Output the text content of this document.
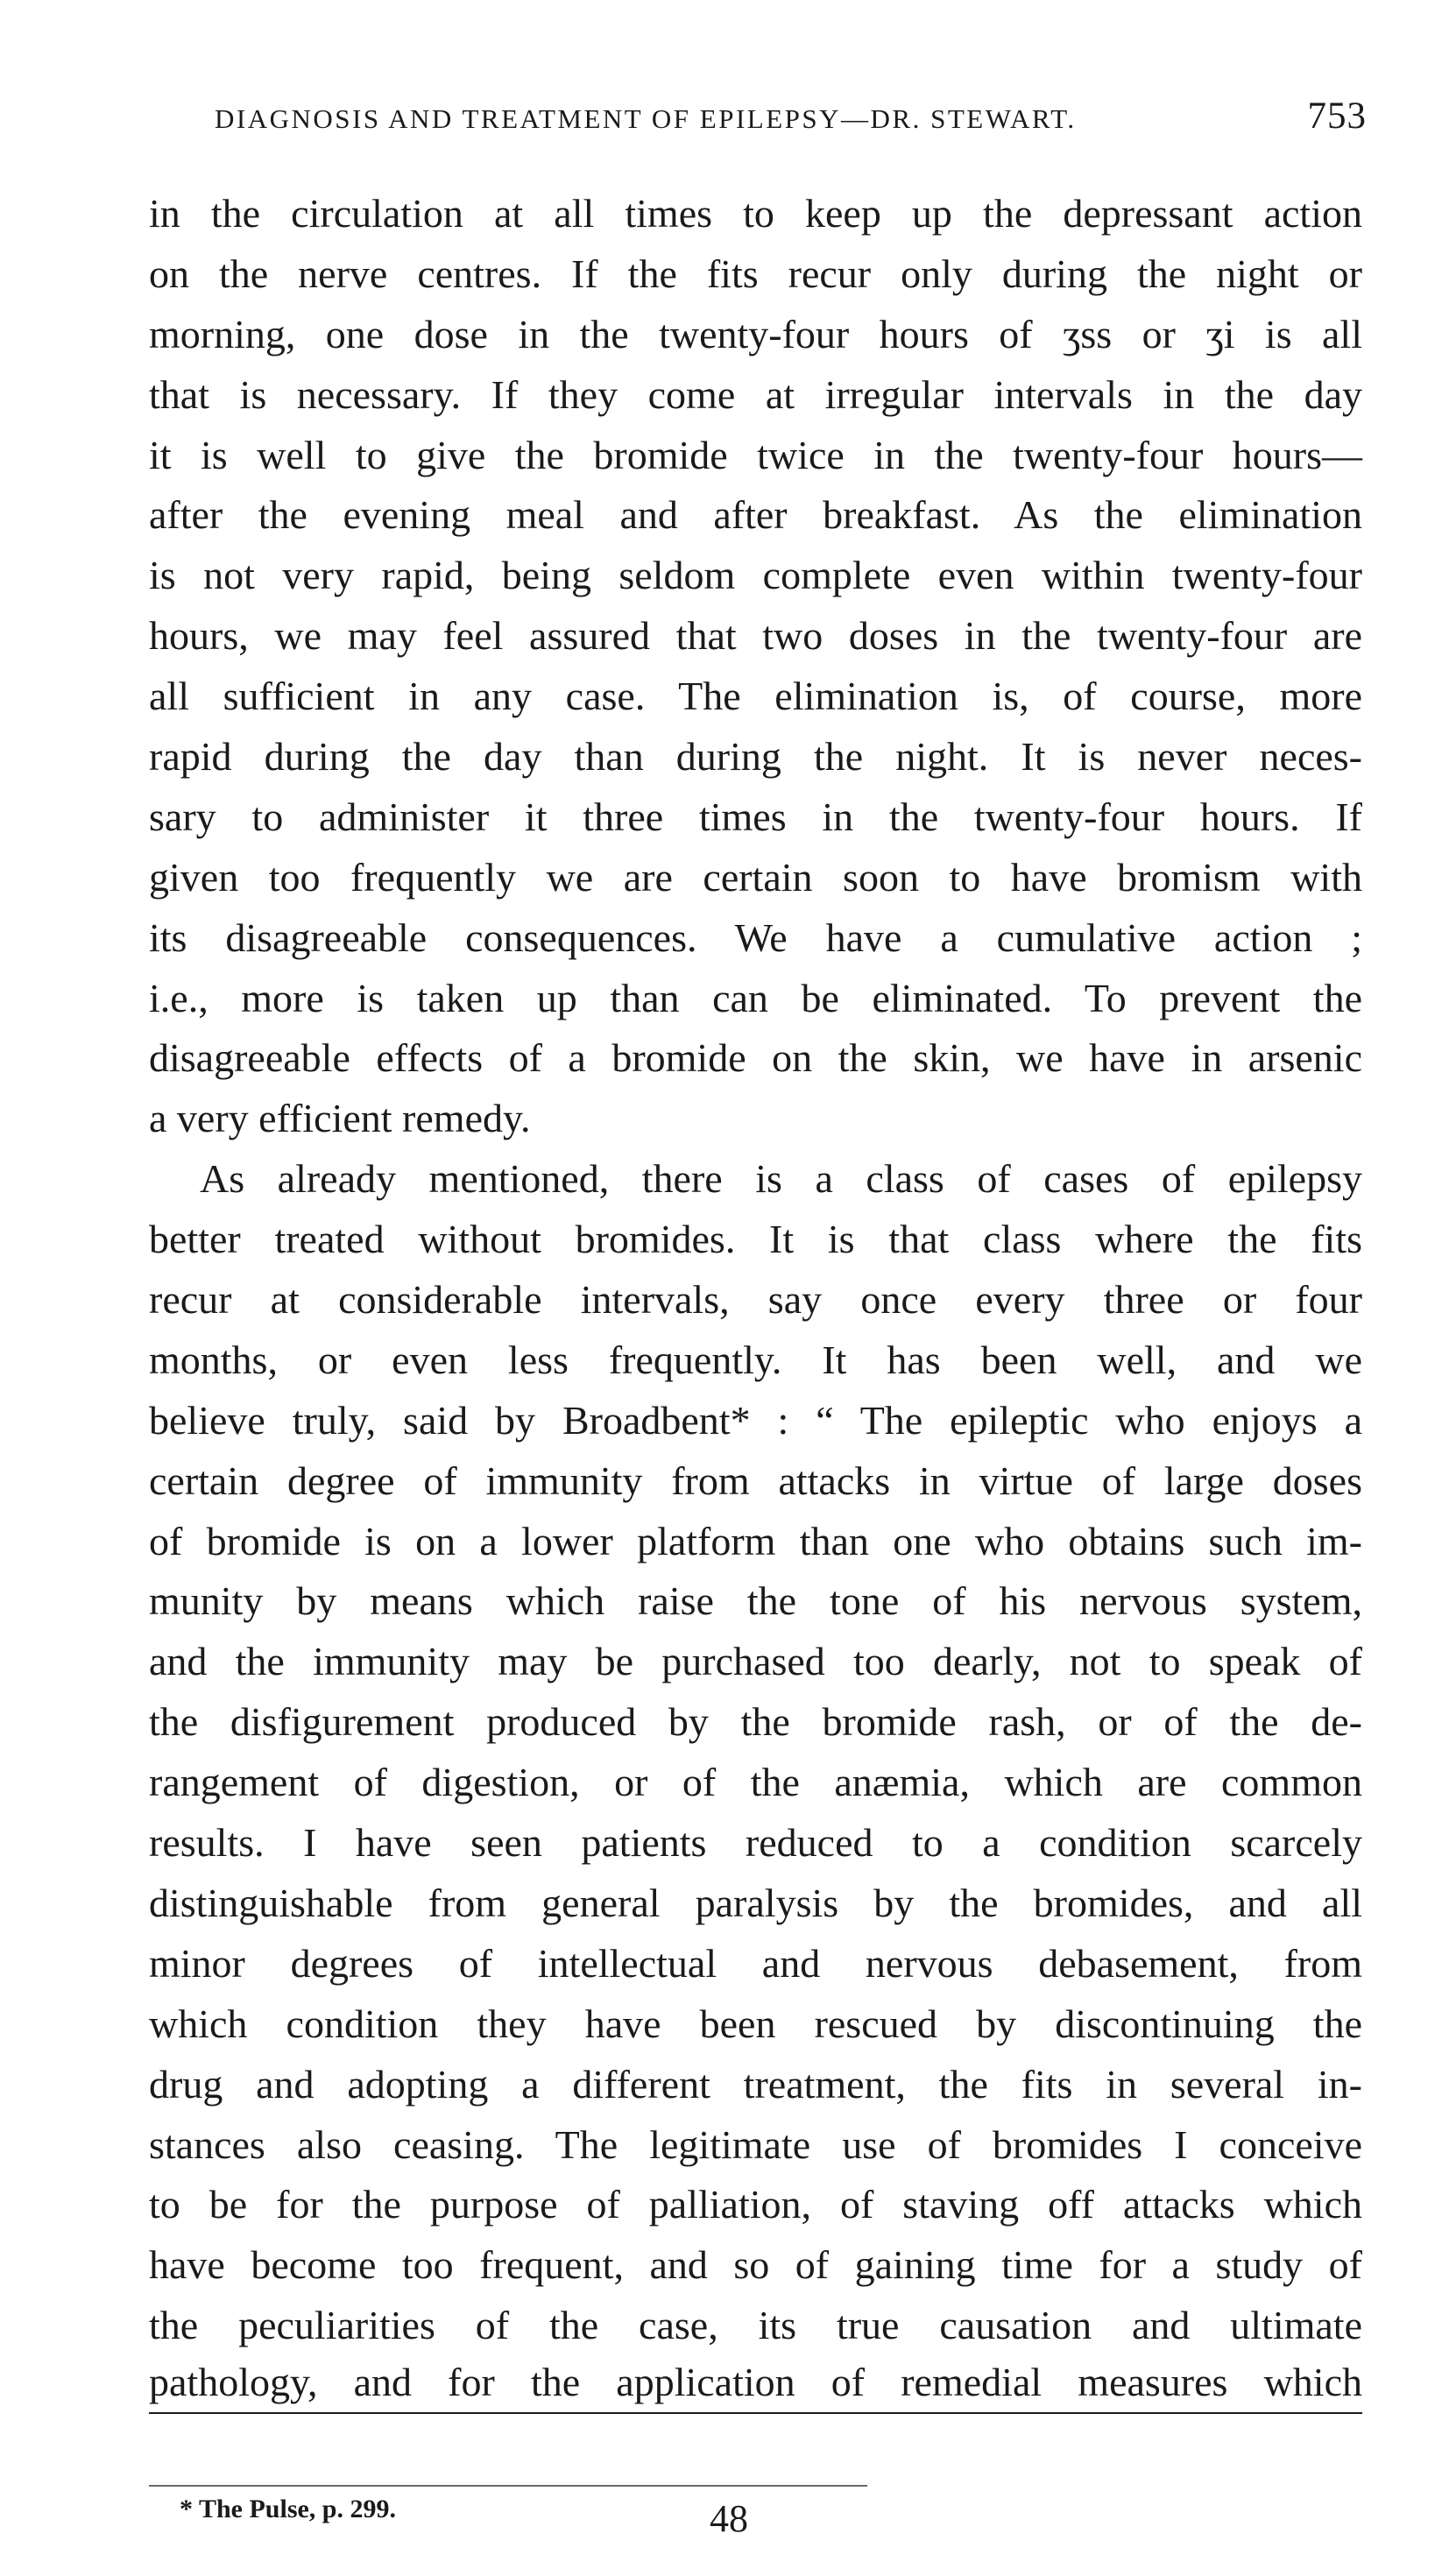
DIAGNOSIS AND TREATMENT OF EPILEPSY—DR. STEWART.	753
in the circulation at all times to keep up the depressant action
on the nerve centres. If the fits recur only during the night or
morning, one dose in the twenty-four hours of ʒss or ʒi is all
that is necessary. If they come at irregular intervals in the day
it is well to give the bromide twice in the twenty-four hours—
after the evening meal and after breakfast. As the elimination
is not very rapid, being seldom complete even within twenty-four
hours, we may feel assured that two doses in the twenty-four are
all sufficient in any case. The elimination is, of course, more
rapid during the day than during the night. It is never neces-
sary to administer it three times in the twenty-four hours. If
given too frequently we are certain soon to have bromism with
its disagreeable consequences. We have a cumulative action ;
i.e., more is taken up than can be eliminated. To prevent the
disagreeable effects of a bromide on the skin, we have in arsenic
a very efficient remedy.
As already mentioned, there is a class of cases of epilepsy
better treated without bromides. It is that class where the fits
recur at considerable intervals, say once every three or four
months, or even less frequently. It has been well, and we
believe truly, said by Broadbent* : “ The epileptic who enjoys a
certain degree of immunity from attacks in virtue of large doses
of bromide is on a lower platform than one who obtains such im-
munity by means which raise the tone of his nervous system,
and the immunity may be purchased too dearly, not to speak of
the disfigurement produced by the bromide rash, or of the de-
rangement of digestion, or of the anæmia, which are common
results. I have seen patients reduced to a condition scarcely
distinguishable from general paralysis by the bromides, and all
minor degrees of intellectual and nervous debasement, from
which condition they have been rescued by discontinuing the
drug and adopting a different treatment, the fits in several in-
stances also ceasing. The legitimate use of bromides I conceive
to be for the purpose of palliation, of staving off attacks which
have become too frequent, and so of gaining time for a study of
the peculiarities of the case, its true causation and ultimate
pathology, and for the application of remedial measures which
* The Pulse, p. 299.	48
